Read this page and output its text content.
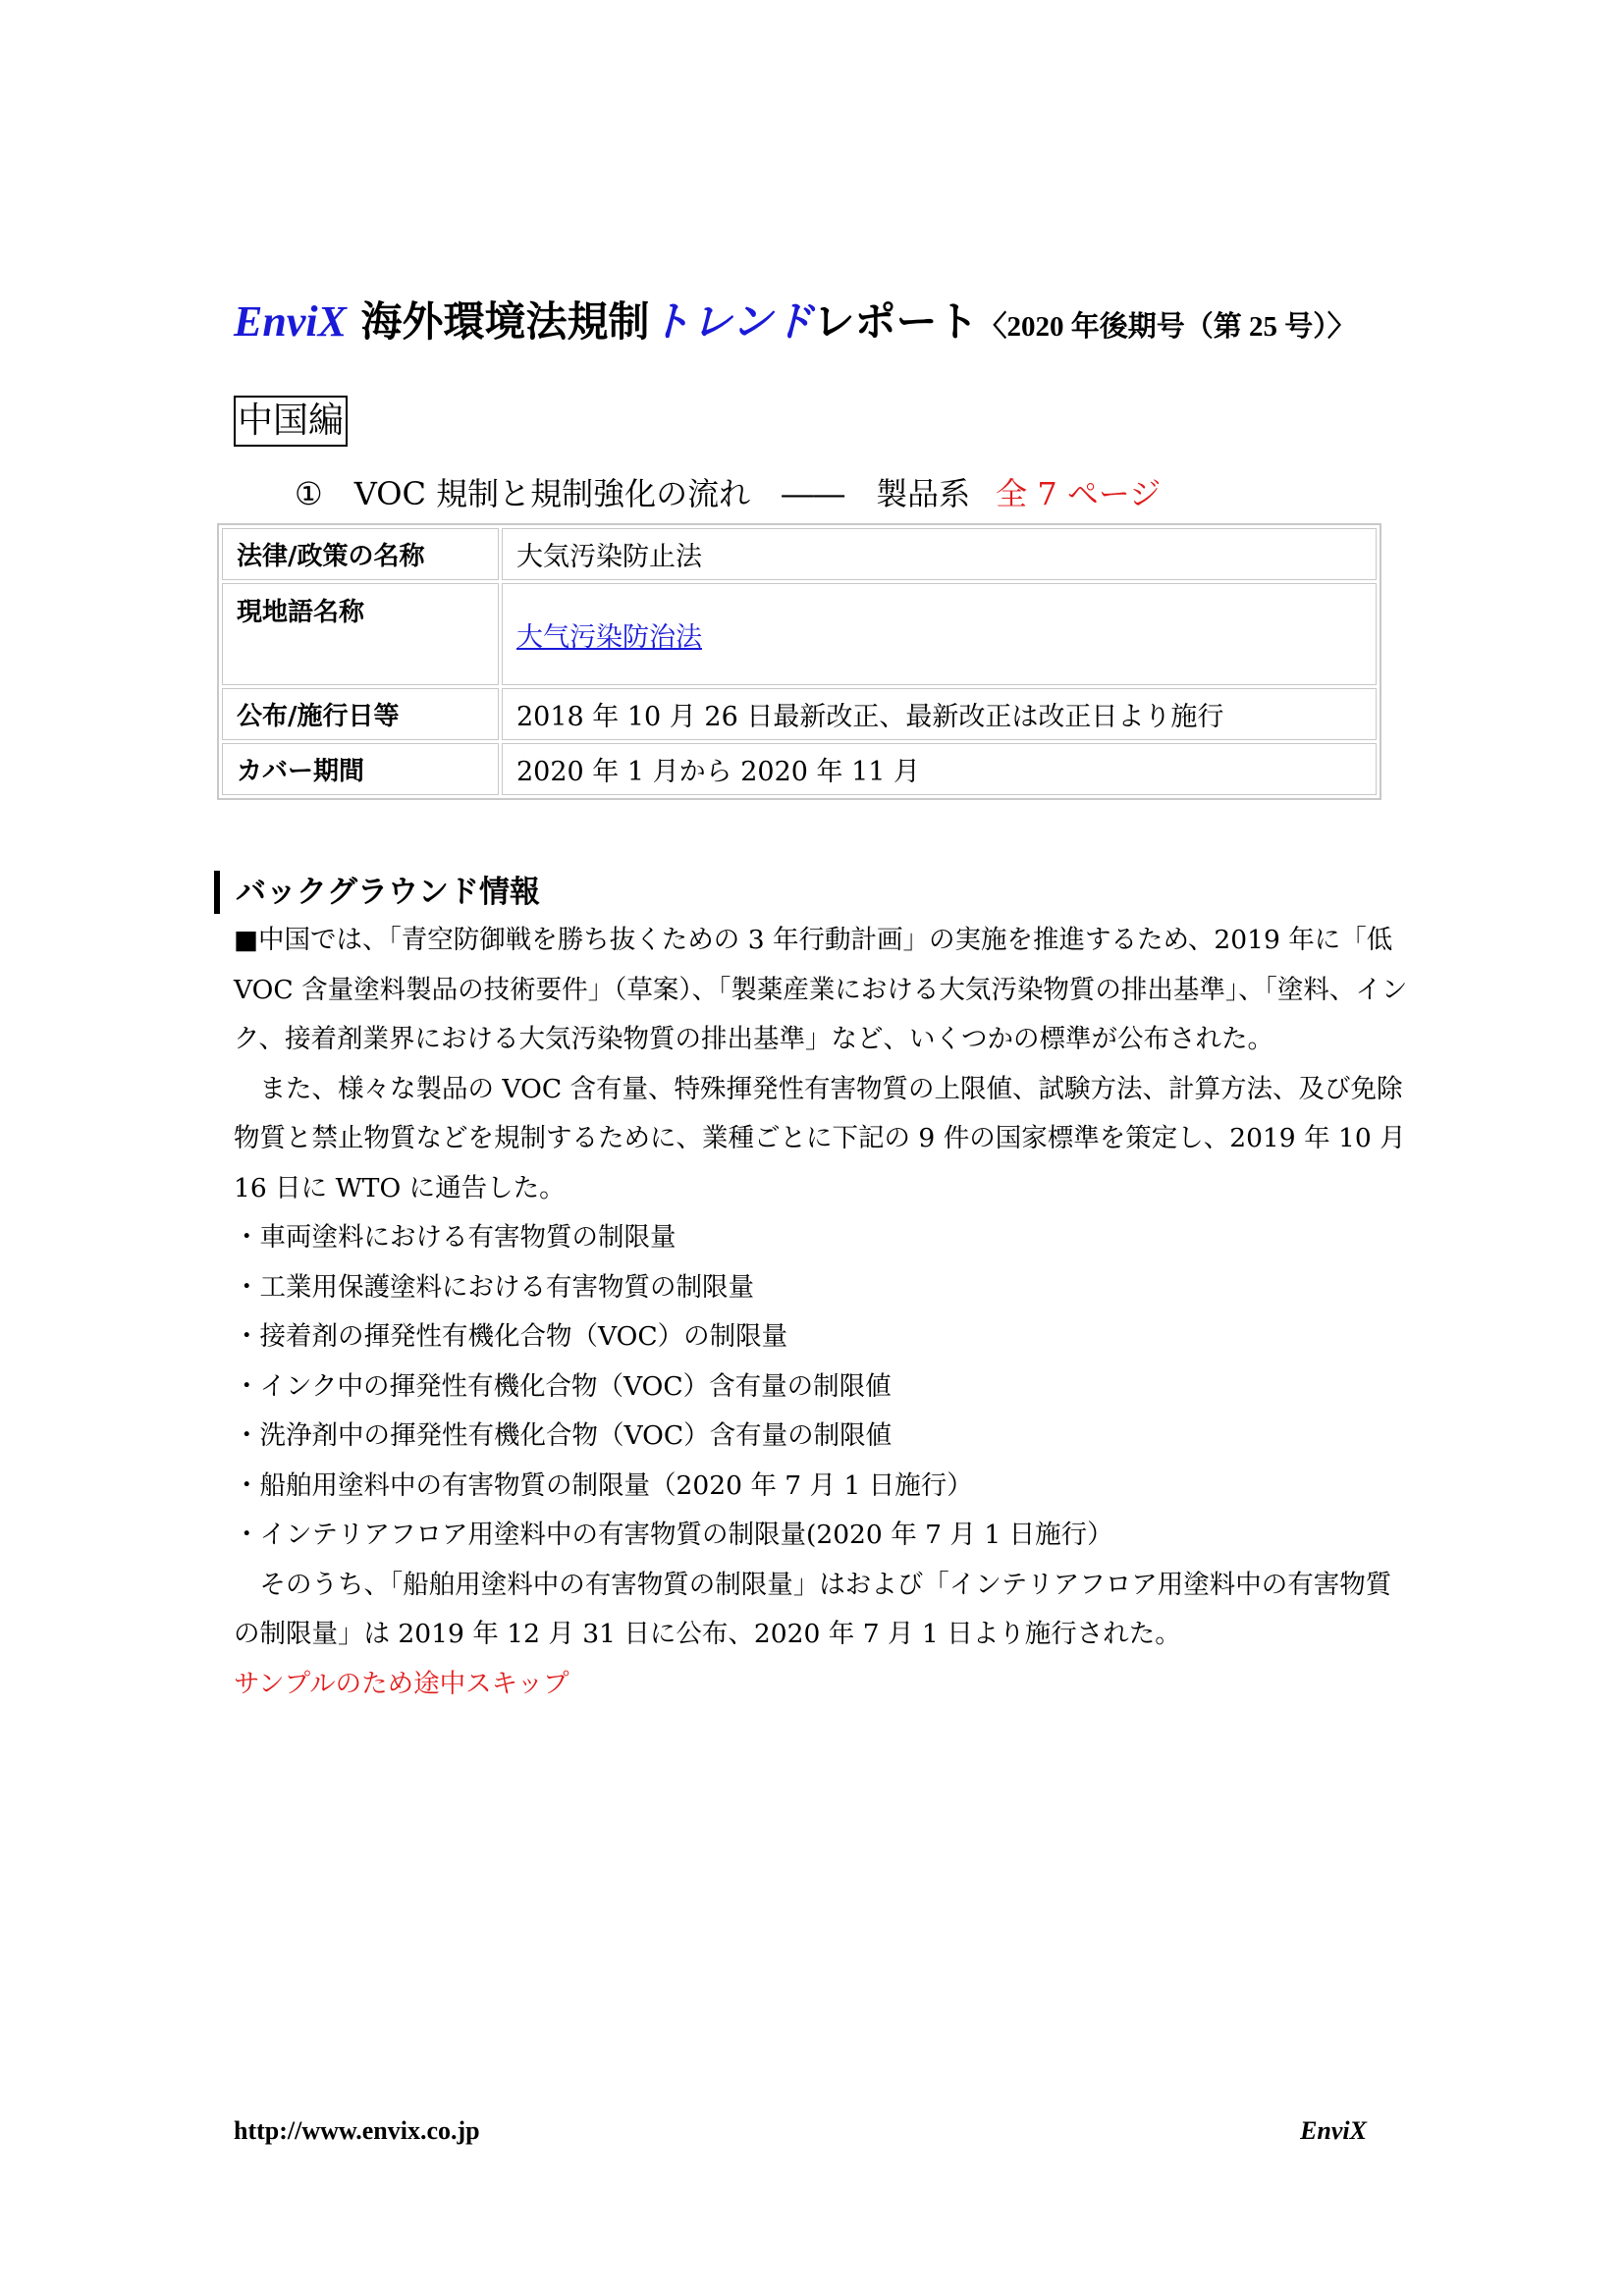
EnviX 海外環境法規制トレンドレポート〈2020 年後期号（第 25 号）〉
中国編
①　VOC 規制と規制強化の流れ　――　製品系 全 7 ページ
法律/政策の名称	大気汚染防止法
現地語名称	大气污染防治法
公布/施行日等	2018 年 10 月 26 日最新改正、最新改正は改正日より施行
カバー期間	2020 年 1 月から 2020 年 11 月
バックグラウンド情報

■中国では、「青空防御戦を勝ち抜くための 3 年行動計画」の実施を推進するため、2019 年に「低 VOC 含量塗料製品の技術要件」（草案）、「製薬産業における大気汚染物質の排出基準」、「塗料、インク、接着剤業界における大気汚染物質の排出基準」など、いくつかの標準が公布された。

　また、様々な製品の VOC 含有量、特殊揮発性有害物質の上限値、試験方法、計算方法、及び免除物質と禁止物質などを規制するために、業種ごとに下記の 9 件の国家標準を策定し、2019 年 10 月 16 日に WTO に通告した。

・車両塗料における有害物質の制限量

・工業用保護塗料における有害物質の制限量

・接着剤の揮発性有機化合物（VOC）の制限量

・インク中の揮発性有機化合物（VOC）含有量の制限値

・洗浄剤中の揮発性有機化合物（VOC）含有量の制限値

・船舶用塗料中の有害物質の制限量（2020 年 7 月 1 日施行）

・インテリアフロア用塗料中の有害物質の制限量(2020 年 7 月 1 日施行）

　そのうち、「船舶用塗料中の有害物質の制限量」はおよび「インテリアフロア用塗料中の有害物質の制限量」は 2019 年 12 月 31 日に公布、2020 年 7 月 1 日より施行された。

サンプルのため途中スキップ

http://www.envix.co.jp	EnviX
